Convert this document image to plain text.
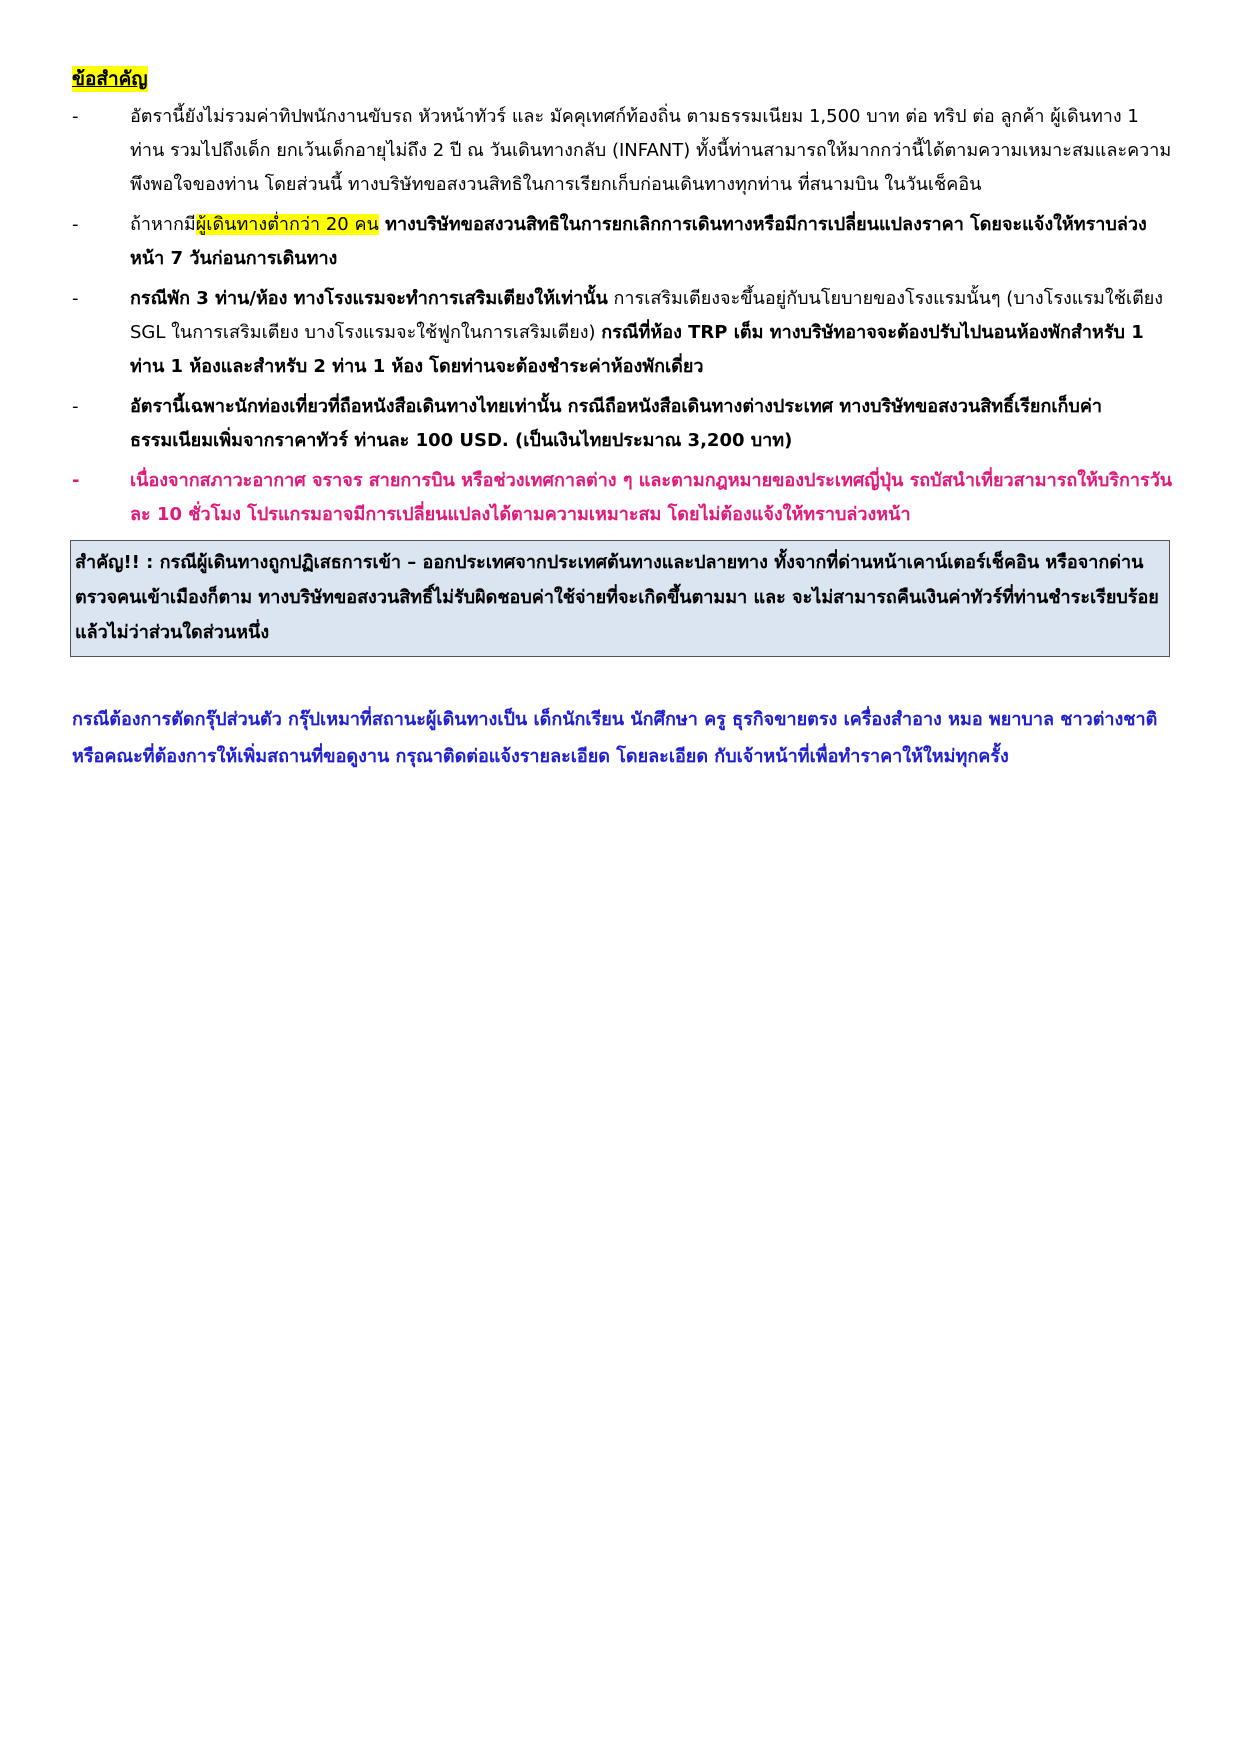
ข้อสำคัญ
-	อัตรานี้ยังไม่รวมค่าทิปพนักงานขับรถ หัวหน้าทัวร์ และ มัคคุเทศก์ท้องถิ่น ตามธรรมเนียม 1,500 บาท ต่อ ทริป ต่อ ลูกค้า ผู้เดินทาง 1 ท่าน รวมไปถึงเด็ก ยกเว้นเด็กอายุไม่ถึง 2 ปี ณ วันเดินทางกลับ (INFANT) ทั้งนี้ท่านสามารถให้มากกว่านี้ได้ตามความเหมาะสมและความพึงพอใจของท่าน โดยส่วนนี้ ทางบริษัทขอสงวนสิทธิในการเรียกเก็บก่อนเดินทางทุกท่าน ที่สนามบิน ในวันเช็คอิน
-	ถ้าหากมีผู้เดินทางต่ำกว่า 20 คน ทางบริษัทขอสงวนสิทธิในการยกเลิกการเดินทางหรือมีการเปลี่ยนแปลงราคา โดยจะแจ้งให้ทราบล่วงหน้า 7 วันก่อนการเดินทาง
-	กรณีพัก 3 ท่าน/ห้อง ทางโรงแรมจะทำการเสริมเตียงให้เท่านั้น การเสริมเตียงจะขึ้นอยู่กับนโยบายของโรงแรมนั้นๆ (บางโรงแรมใช้เตียง SGL ในการเสริมเตียง บางโรงแรมจะใช้ฟูกในการเสริมเตียง) กรณีที่ห้อง TRP เต็ม ทางบริษัทอาจจะต้องปรับไปนอนห้องพักสำหรับ 1 ท่าน 1 ห้องและสำหรับ 2 ท่าน 1 ห้อง โดยท่านจะต้องชำระค่าห้องพักเดี่ยว
-	อัตรานี้เฉพาะนักท่องเที่ยวที่ถือหนังสือเดินทางไทยเท่านั้น กรณีถือหนังสือเดินทางต่างประเทศ ทางบริษัทขอสงวนสิทธิ์เรียกเก็บค่าธรรมเนียมเพิ่มจากราคาทัวร์ ท่านละ 100 USD. (เป็นเงินไทยประมาณ 3,200 บาท)
-	เนื่องจากสภาวะอากาศ จราจร สายการบิน หรือช่วงเทศกาลต่าง ๆ และตามกฎหมายของประเทศญี่ปุ่น รถบัสนำเที่ยวสามารถให้บริการวันละ 10 ชั่วโมง โปรแกรมอาจมีการเปลี่ยนแปลงได้ตามความเหมาะสม โดยไม่ต้องแจ้งให้ทราบล่วงหน้า
สำคัญ!! : กรณีผู้เดินทางถูกปฏิเสธการเข้า – ออกประเทศจากประเทศต้นทางและปลายทาง ทั้งจากที่ด่านหน้าเคาน์เตอร์เช็คอิน หรือจากด่านตรวจคนเข้าเมืองก็ตาม ทางบริษัทขอสงวนสิทธิ์ไม่รับผิดชอบค่าใช้จ่ายที่จะเกิดขึ้นตามมา และ จะไม่สามารถคืนเงินค่าทัวร์ที่ท่านชำระเรียบร้อยแล้วไม่ว่าส่วนใดส่วนหนึ่ง
กรณีต้องการตัดกรุ๊ปส่วนตัว กรุ๊ปเหมาที่สถานะผู้เดินทางเป็น เด็กนักเรียน นักศึกษา ครู ธุรกิจขายตรง เครื่องสำอาง หมอ พยาบาล ชาวต่างชาติ หรือคณะที่ต้องการให้เพิ่มสถานที่ขอดูงาน กรุณาติดต่อแจ้งรายละเอียด โดยละเอียด กับเจ้าหน้าที่เพื่อทำราคาให้ใหม่ทุกครั้ง
